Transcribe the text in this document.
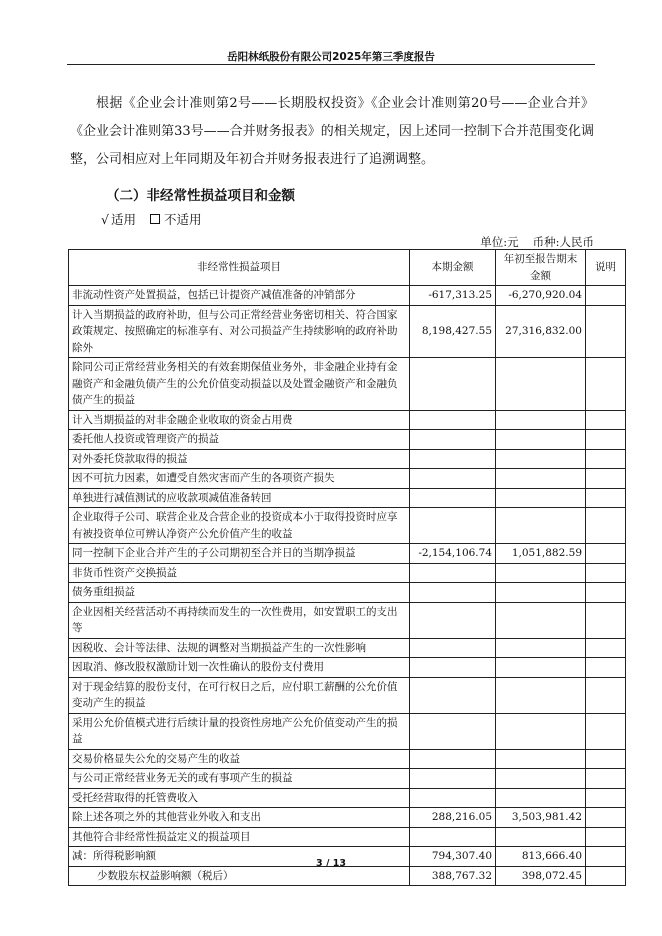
岳阳林纸股份有限公司2025年第三季度报告

根据《企业会计准则第2号——长期股权投资》《企业会计准则第20号——企业合并》《企业会计准则第33号——合并财务报表》的相关规定，因上述同一控制下合并范围变化调整，公司相应对上年同期及年初合并财务报表进行了追溯调整。

（二）非经常性损益项目和金额
√ 适用 不适用
单位:元 币种:人民币
非经常性损益项目	本期金额	年初至报告期末金额	说明
非流动性资产处置损益，包括已计提资产减值准备的冲销部分	-617,313.25	-6,270,920.04	
计入当期损益的政府补助，但与公司正常经营业务密切相关、符合国家政策规定、按照确定的标准享有、对公司损益产生持续影响的政府补助除外	8,198,427.55	27,316,832.00	
除同公司正常经营业务相关的有效套期保值业务外，非金融企业持有金融资产和金融负债产生的公允价值变动损益以及处置金融资产和金融负债产生的损益			
计入当期损益的对非金融企业收取的资金占用费			
委托他人投资或管理资产的损益			
对外委托贷款取得的损益			
因不可抗力因素，如遭受自然灾害而产生的各项资产损失			
单独进行减值测试的应收款项减值准备转回			
企业取得子公司、联营企业及合营企业的投资成本小于取得投资时应享有被投资单位可辨认净资产公允价值产生的收益			
同一控制下企业合并产生的子公司期初至合并日的当期净损益	-2,154,106.74	1,051,882.59	
非货币性资产交换损益			
债务重组损益			
企业因相关经营活动不再持续而发生的一次性费用，如安置职工的支出等			
因税收、会计等法律、法规的调整对当期损益产生的一次性影响			
因取消、修改股权激励计划一次性确认的股份支付费用			
对于现金结算的股份支付，在可行权日之后，应付职工薪酬的公允价值变动产生的损益			
采用公允价值模式进行后续计量的投资性房地产公允价值变动产生的损益			
交易价格显失公允的交易产生的收益			
与公司正常经营业务无关的或有事项产生的损益			
受托经营取得的托管费收入			
除上述各项之外的其他营业外收入和支出	288,216.05	3,503,981.42	
其他符合非经常性损益定义的损益项目			
减：所得税影响额	794,307.40	813,666.40	
少数股东权益影响额（税后）	388,767.32	398,072.45	
3 / 13
